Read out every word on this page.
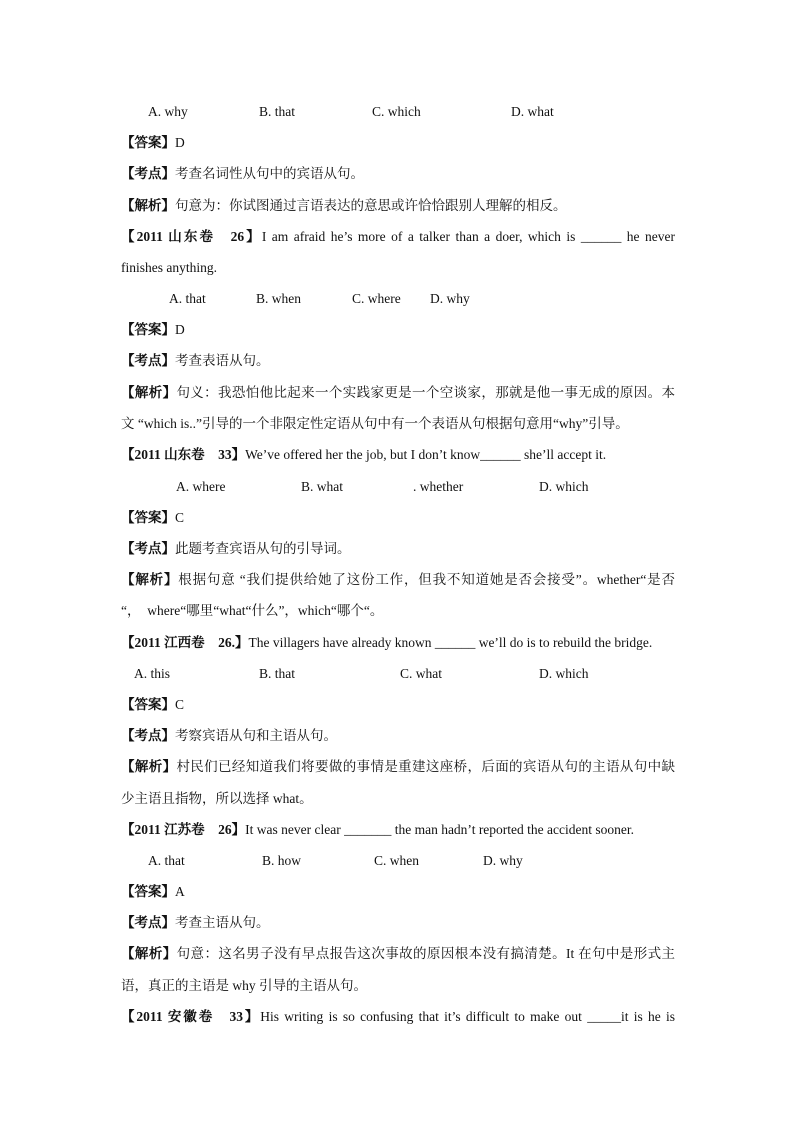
A. why	B. that	C. which	D. what
【答案】D
【考点】考查名词性从句中的宾语从句。
【解析】句意为：你试图通过言语表达的意思或许恰恰跟别人理解的相反。
【2011 山东卷　26】I am afraid he’s more of a talker than a doer, which is ______ he never
finishes anything.
A. that	B. when	C. where D. why
【答案】D
【考点】考查表语从句。
【解析】句义：我恐怕他比起来一个实践家更是一个空谈家，那就是他一事无成的原因。本
文 “which is..”引导的一个非限定性定语从句中有一个表语从句根据句意用“why”引导。
【2011 山东卷　33】We’ve offered her the job, but I don’t know______ she’ll accept it.
A. where	B. what	. whether	D. which
【答案】C
【考点】此题考查宾语从句的引导词。
【解析】根据句意 “我们提供给她了这份工作，但我不知道她是否会接受”。whether“是否
“，　where“哪里“what“什么”，which“哪个“。
【2011 江西卷　26.】The villagers have already known ______ we’ll do is to rebuild the bridge.
A. this	B. that	C. what	D. which
【答案】C
【考点】考察宾语从句和主语从句。
【解析】村民们已经知道我们将要做的事情是重建这座桥，后面的宾语从句的主语从句中缺
少主语且指物，所以选择 what。
【2011 江苏卷　26】It was never clear _______ the man hadn’t reported the accident sooner.
A. that	B. how	C. when	D. why
【答案】A
【考点】考查主语从句。
【解析】句意：这名男子没有早点报告这次事故的原因根本没有搞清楚。It 在句中是形式主
语，真正的主语是 why 引导的主语从句。
【2011 安徽卷　33】His writing is so confusing that it’s difficult to make out _____it is he is
